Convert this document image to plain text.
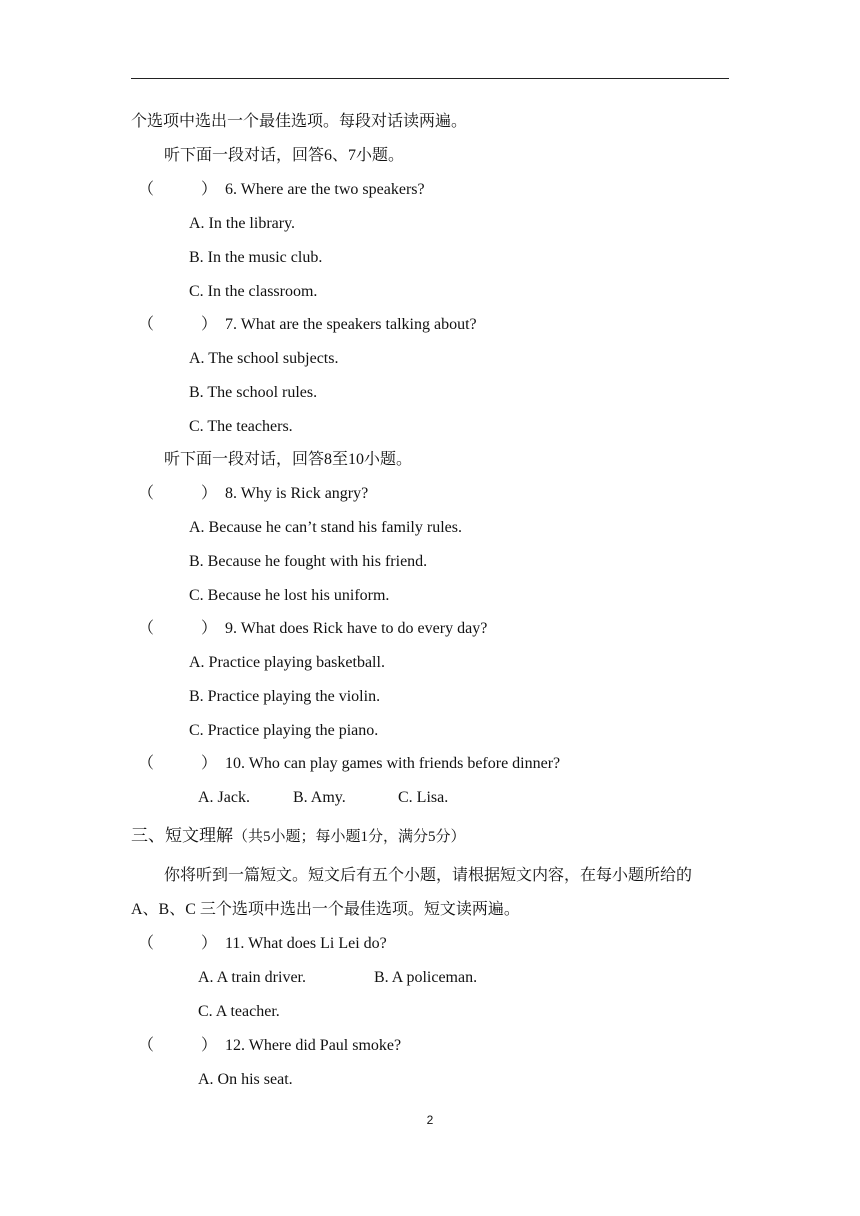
个选项中选出一个最佳选项。每段对话读两遍。
听下面一段对话，回答6、7小题。
（	） 6. Where are the two speakers?
A. In the library.
B. In the music club.
C. In the classroom.
（	） 7. What are the speakers talking about?
A. The school subjects.
B. The school rules.
C. The teachers.
听下面一段对话，回答8至10小题。
（	） 8. Why is Rick angry?
A. Because he can’t stand his family rules.
B. Because he fought with his friend.
C. Because he lost his uniform.
（	） 9. What does Rick have to do every day?
A. Practice playing basketball.
B. Practice playing the violin.
C. Practice playing the piano.
（	） 10. Who can play games with friends before dinner?
A. Jack.	B. Amy.	C. Lisa.
三、短文理解（共5小题；每小题1分，满分5分）
你将听到一篇短文。短文后有五个小题，请根据短文内容，在每小题所给的
A、B、C 三个选项中选出一个最佳选项。短文读两遍。
（	） 11. What does Li Lei do?
A. A train driver.	B. A policeman.
C. A teacher.
（	） 12. Where did Paul smoke?
A. On his seat.
2
